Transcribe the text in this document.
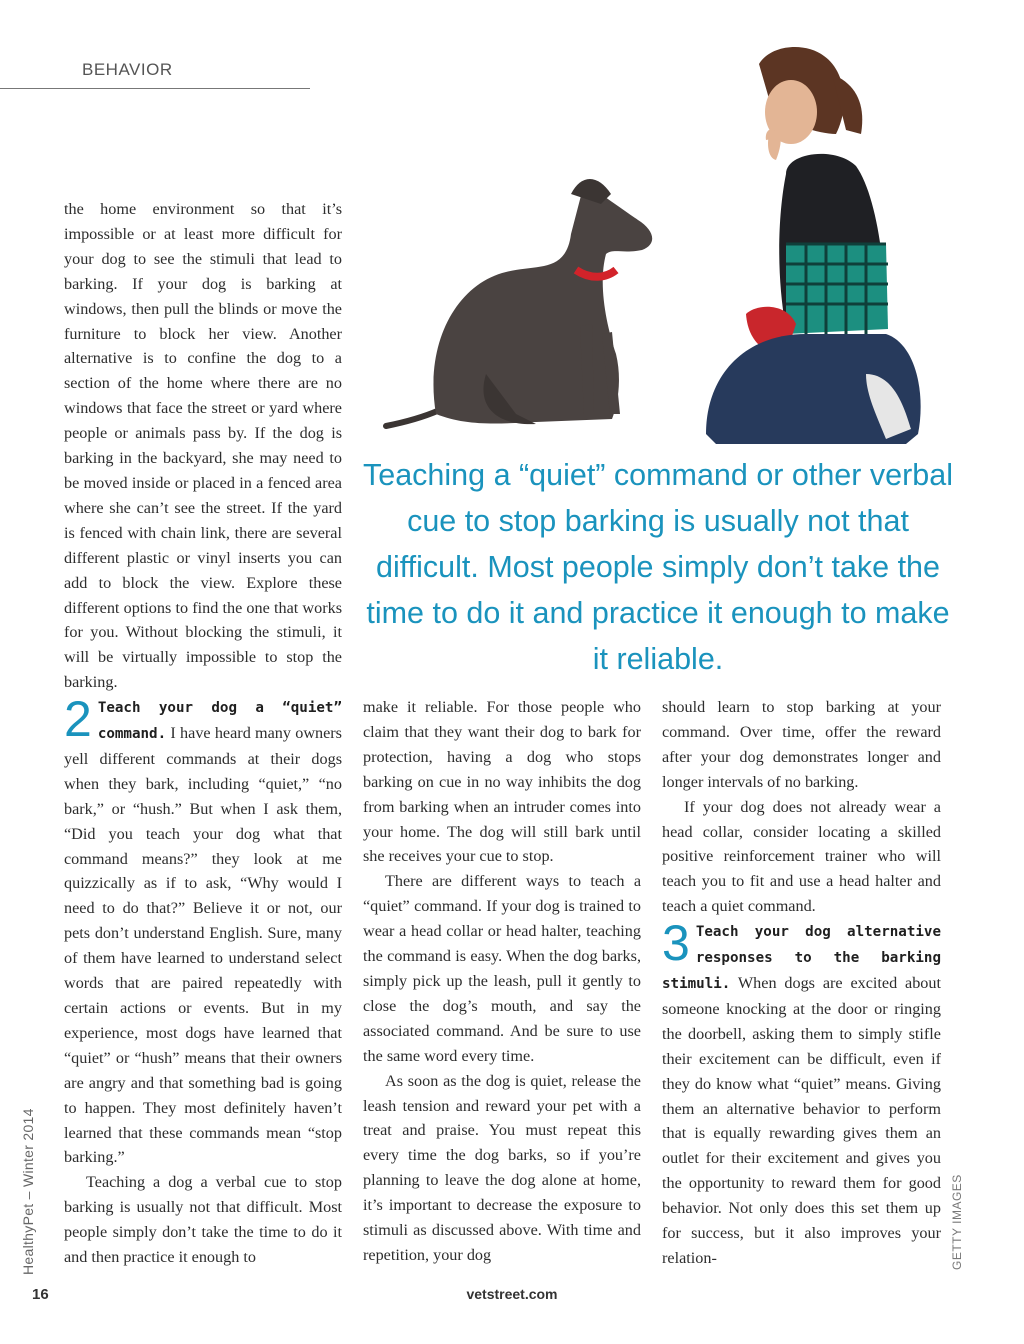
BEHAVIOR
Teaching a “quiet” command or other verbal cue to stop barking is usually not that difficult. Most people simply don’t take the time to do it and practice it enough to make it reliable.

the home environment so that it’s impossible or at least more difficult for your dog to see the stimuli that lead to barking. If your dog is barking at windows, then pull the blinds or move the furniture to block her view. Another alternative is to confine the dog to a section of the home where there are no windows that face the street or yard where people or animals pass by. If the dog is barking in the backyard, she may need to be moved inside or placed in a fenced area where she can’t see the street. If the yard is fenced with chain link, there are several different plastic or vinyl inserts you can add to block the view. Explore these different options to find the one that works for you. Without blocking the stimuli, it will be virtually impossible to stop the barking.

2 Teach your dog a “quiet” command. I have heard many owners yell different commands at their dogs when they bark, including “quiet,” “no bark,” or “hush.” But when I ask them, “Did you teach your dog what that command means?” they look at me quizzically as if to ask, “Why would I need to do that?” Believe it or not, our pets don’t understand English. Sure, many of them have learned to understand select words that are paired repeatedly with certain actions or events. But in my experience, most dogs have learned that “quiet” or “hush” means that their owners are angry and that something bad is going to happen. They most definitely haven’t learned that these commands mean “stop barking.”

Teaching a dog a verbal cue to stop barking is usually not that difficult. Most people simply don’t take the time to do it and then practice it enough to

make it reliable. For those people who claim that they want their dog to bark for protection, having a dog who stops barking on cue in no way inhibits the dog from barking when an intruder comes into your home. The dog will still bark until she receives your cue to stop.

There are different ways to teach a “quiet” command. If your dog is trained to wear a head collar or head halter, teaching the command is easy. When the dog barks, simply pick up the leash, pull it gently to close the dog’s mouth, and say the associated command. And be sure to use the same word every time.

As soon as the dog is quiet, release the leash tension and reward your pet with a treat and praise. You must repeat this every time the dog barks, so if you’re planning to leave the dog alone at home, it’s important to decrease the exposure to stimuli as discussed above. With time and repetition, your dog

should learn to stop barking at your command. Over time, offer the reward after your dog demonstrates longer and longer intervals of no barking.

If your dog does not already wear a head collar, consider locating a skilled positive reinforcement trainer who will teach you to fit and use a head halter and teach a quiet command.

3 Teach your dog alternative responses to the barking stimuli. When dogs are excited about someone knocking at the door or ringing the doorbell, asking them to simply stifle their excitement can be difficult, even if they do know what “quiet” means. Giving them an alternative behavior to perform that is equally rewarding gives them an outlet for their excitement and gives you the opportunity to reward them for good behavior. Not only does this set them up for success, but it also improves your relation-

HealthyPet – Winter 2014	GETTY IMAGES
16	vetstreet.com
